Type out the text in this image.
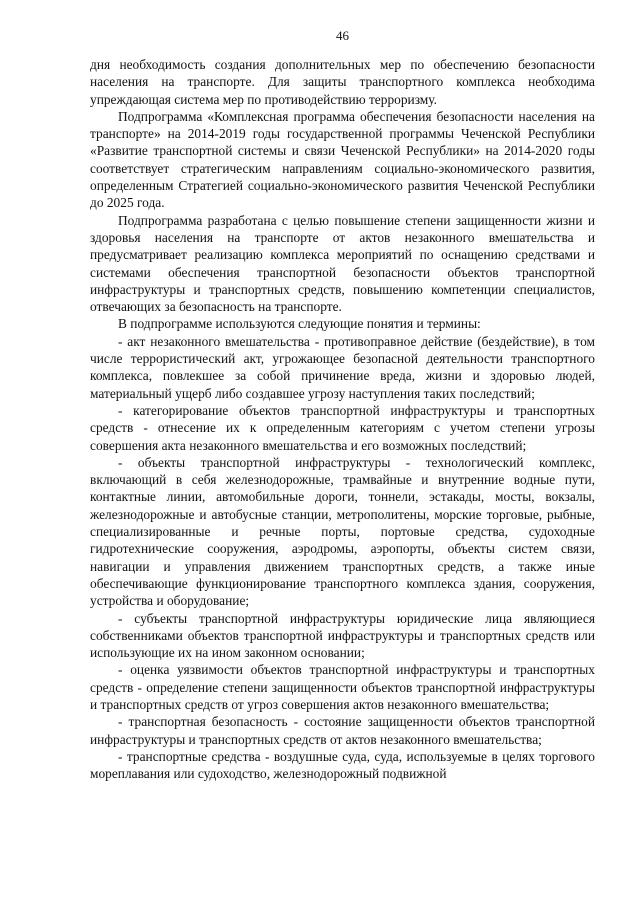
46

дня необходимость создания дополнительных мер по обеспечению безопасности населения на транспорте. Для защиты транспортного комплекса необходима упреждающая система мер по противодействию терроризму.

Подпрограмма «Комплексная программа обеспечения безопасности населения на транспорте» на 2014-2019 годы государственной программы Чеченской Республики «Развитие транспортной системы и связи Чеченской Республики» на 2014-2020 годы соответствует стратегическим направлениям социально-экономического развития, определенным Стратегией социально-экономического развития Чеченской Республики до 2025 года.

Подпрограмма разработана с целью повышение степени защищенности жизни и здоровья населения на транспорте от актов незаконного вмешательства и предусматривает реализацию комплекса мероприятий по оснащению средствами и системами обеспечения транспортной безопасности объектов транспортной инфраструктуры и транспортных средств, повышению компетенции специалистов, отвечающих за безопасность на транспорте.

В подпрограмме используются следующие понятия и термины:

- акт незаконного вмешательства - противоправное действие (бездействие), в том числе террористический акт, угрожающее безопасной деятельности транспортного комплекса, повлекшее за собой причинение вреда, жизни и здоровью людей, материальный ущерб либо создавшее угрозу наступления таких последствий;

- категорирование объектов транспортной инфраструктуры и транспортных средств - отнесение их к определенным категориям с учетом степени угрозы совершения акта незаконного вмешательства и его возможных последствий;

- объекты транспортной инфраструктуры - технологический комплекс, включающий в себя железнодорожные, трамвайные и внутренние водные пути, контактные линии, автомобильные дороги, тоннели, эстакады, мосты, вокзалы, железнодорожные и автобусные станции, метрополитены, морские торговые, рыбные, специализированные и речные порты, портовые средства, судоходные гидротехнические сооружения, аэродромы, аэропорты, объекты систем связи, навигации и управления движением транспортных средств, а также иные обеспечивающие функционирование транспортного комплекса здания, сооружения, устройства и оборудование;

- субъекты транспортной инфраструктуры юридические лица являющиеся собственниками объектов транспортной инфраструктуры и транспортных средств или использующие их на ином законном основании;

- оценка уязвимости объектов транспортной инфраструктуры и транспортных средств - определение степени защищенности объектов транспортной инфраструктуры и транспортных средств от угроз совершения актов незаконного вмешательства;

- транспортная безопасность - состояние защищенности объектов транспортной инфраструктуры и транспортных средств от актов незаконного вмешательства;

- транспортные средства - воздушные суда, суда, используемые в целях торгового мореплавания или судоходство, железнодорожный подвижной
